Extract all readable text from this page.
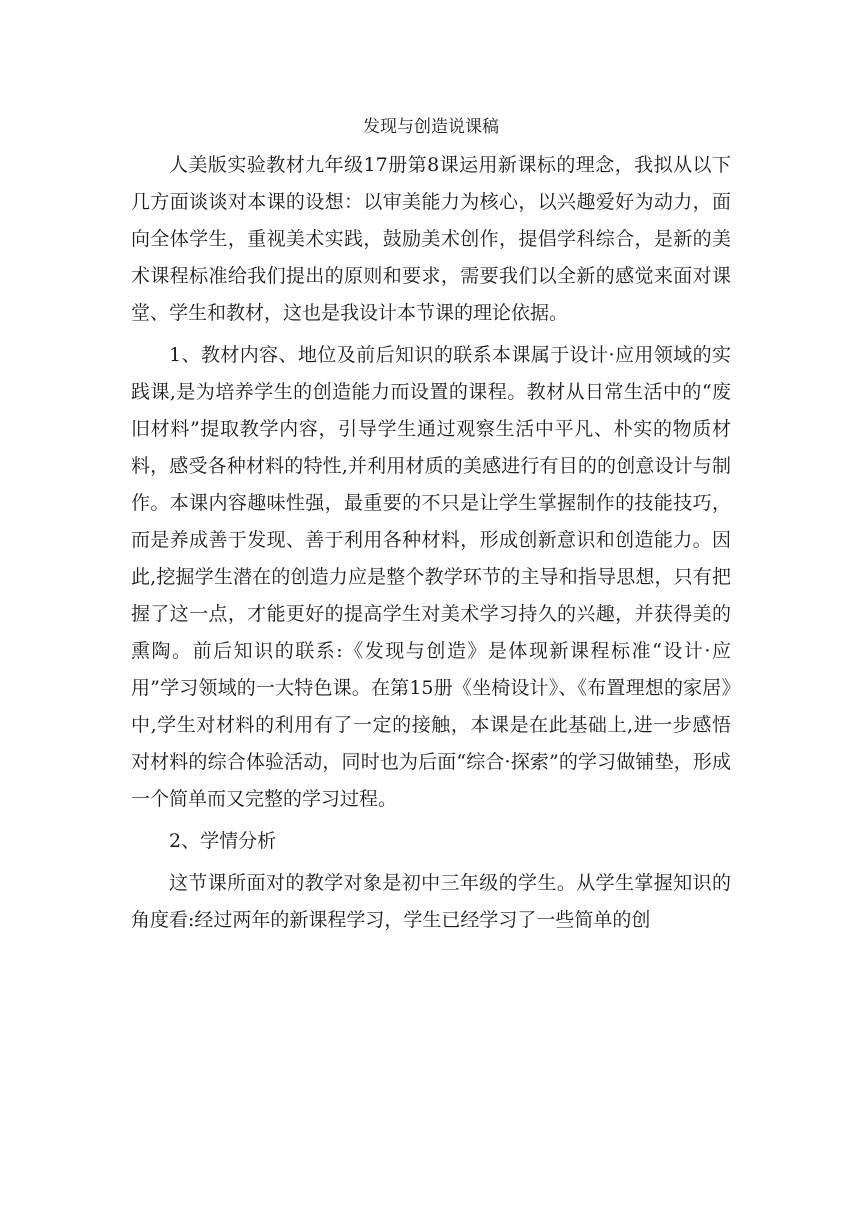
发现与创造说课稿

人美版实验教材九年级17册第8课运用新课标的理念，我拟从以下几方面谈谈对本课的设想：以审美能力为核心，以兴趣爱好为动力，面向全体学生，重视美术实践，鼓励美术创作，提倡学科综合，是新的美术课程标准给我们提出的原则和要求，需要我们以全新的感觉来面对课堂、学生和教材，这也是我设计本节课的理论依据。

1、教材内容、地位及前后知识的联系本课属于设计·应用领域的实践课,是为培养学生的创造能力而设置的课程。教材从日常生活中的“废旧材料”提取教学内容，引导学生通过观察生活中平凡、朴实的物质材料，感受各种材料的特性,并利用材质的美感进行有目的的创意设计与制作。本课内容趣味性强，最重要的不只是让学生掌握制作的技能技巧，而是养成善于发现、善于利用各种材料，形成创新意识和创造能力。因此,挖掘学生潜在的创造力应是整个教学环节的主导和指导思想，只有把握了这一点，才能更好的提高学生对美术学习持久的兴趣，并获得美的熏陶。前后知识的联系:《发现与创造》是体现新课程标准“设计·应用”学习领域的一大特色课。在第15册《坐椅设计》、《布置理想的家居》中,学生对材料的利用有了一定的接触，本课是在此基础上,进一步感悟对材料的综合体验活动，同时也为后面“综合·探索”的学习做铺垫，形成一个简单而又完整的学习过程。

2、学情分析

这节课所面对的教学对象是初中三年级的学生。从学生掌握知识的角度看:经过两年的新课程学习，学生已经学习了一些简单的创
